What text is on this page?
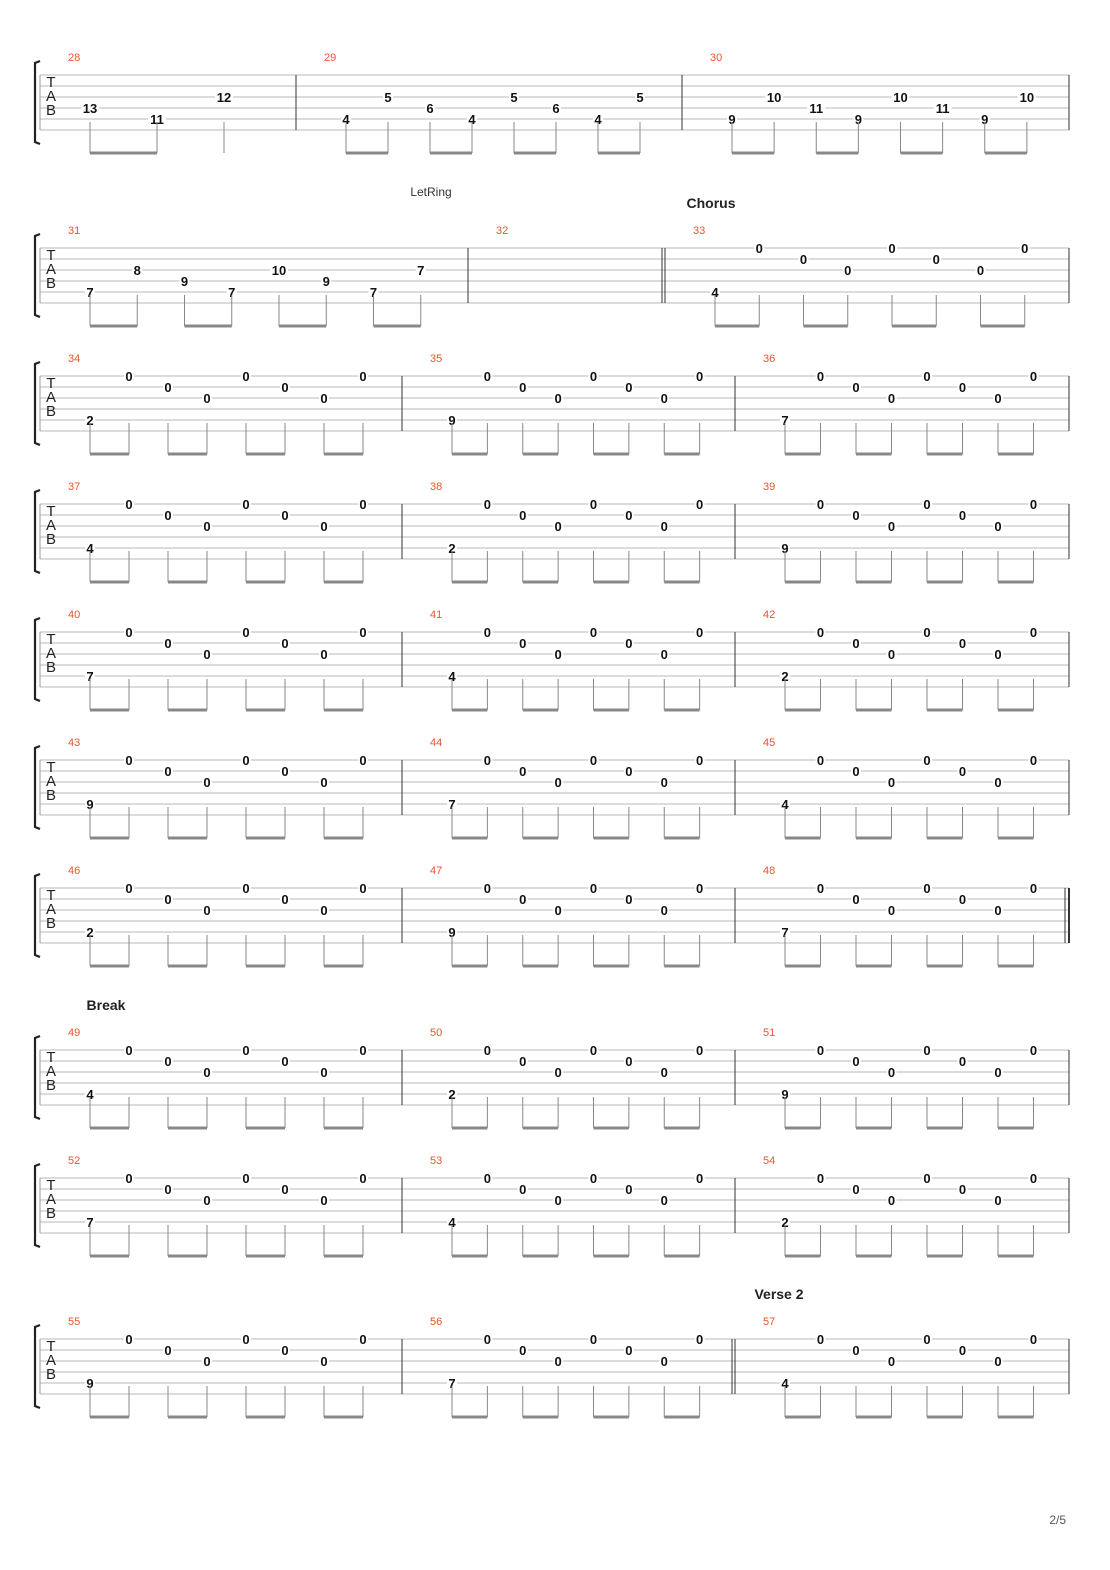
2/5
T
A
B
28
13
11
12
29
4
5
6
4
5
6
4
5
30
9
10
11
9
10
11
9
10
T
A
B
Chorus
LetRing
31
7
8
9
7
10
9
7
7
32	33
4
0
0
0
0
0
0
0
T
A
B
34
2
0
0
0
0
0
0
0
35
9
0
0
0
0
0
0
0
36
7
0
0
0
0
0
0
0
T
A
B
37
4
0
0
0
0
0
0
0
38
2
0
0
0
0
0
0
0
39
9
0
0
0
0
0
0
0
T
A
B
40
7
0
0
0
0
0
0
0
41
4
0
0
0
0
0
0
0
42
2
0
0
0
0
0
0
0
T
A
B
43
9
0
0
0
0
0
0
0
44
7
0
0
0
0
0
0
0
45
4
0
0
0
0
0
0
0
T
A
B
46
2
0
0
0
0
0
0
0
47
9
0
0
0
0
0
0
0
48
7
0
0
0
0
0
0
0
T
A
B
Break
49
4
0
0
0
0
0
0
0
50
2
0
0
0
0
0
0
0
51
9
0
0
0
0
0
0
0
T
A
B
52
7
0
0
0
0
0
0
0
53
4
0
0
0
0
0
0
0
54
2
0
0
0
0
0
0
0
T
A
B
Verse 2
55
9
0
0
0
0
0
0
0
56
7
0
0
0
0
0
0
0
57
4
0
0
0
0
0
0
0
